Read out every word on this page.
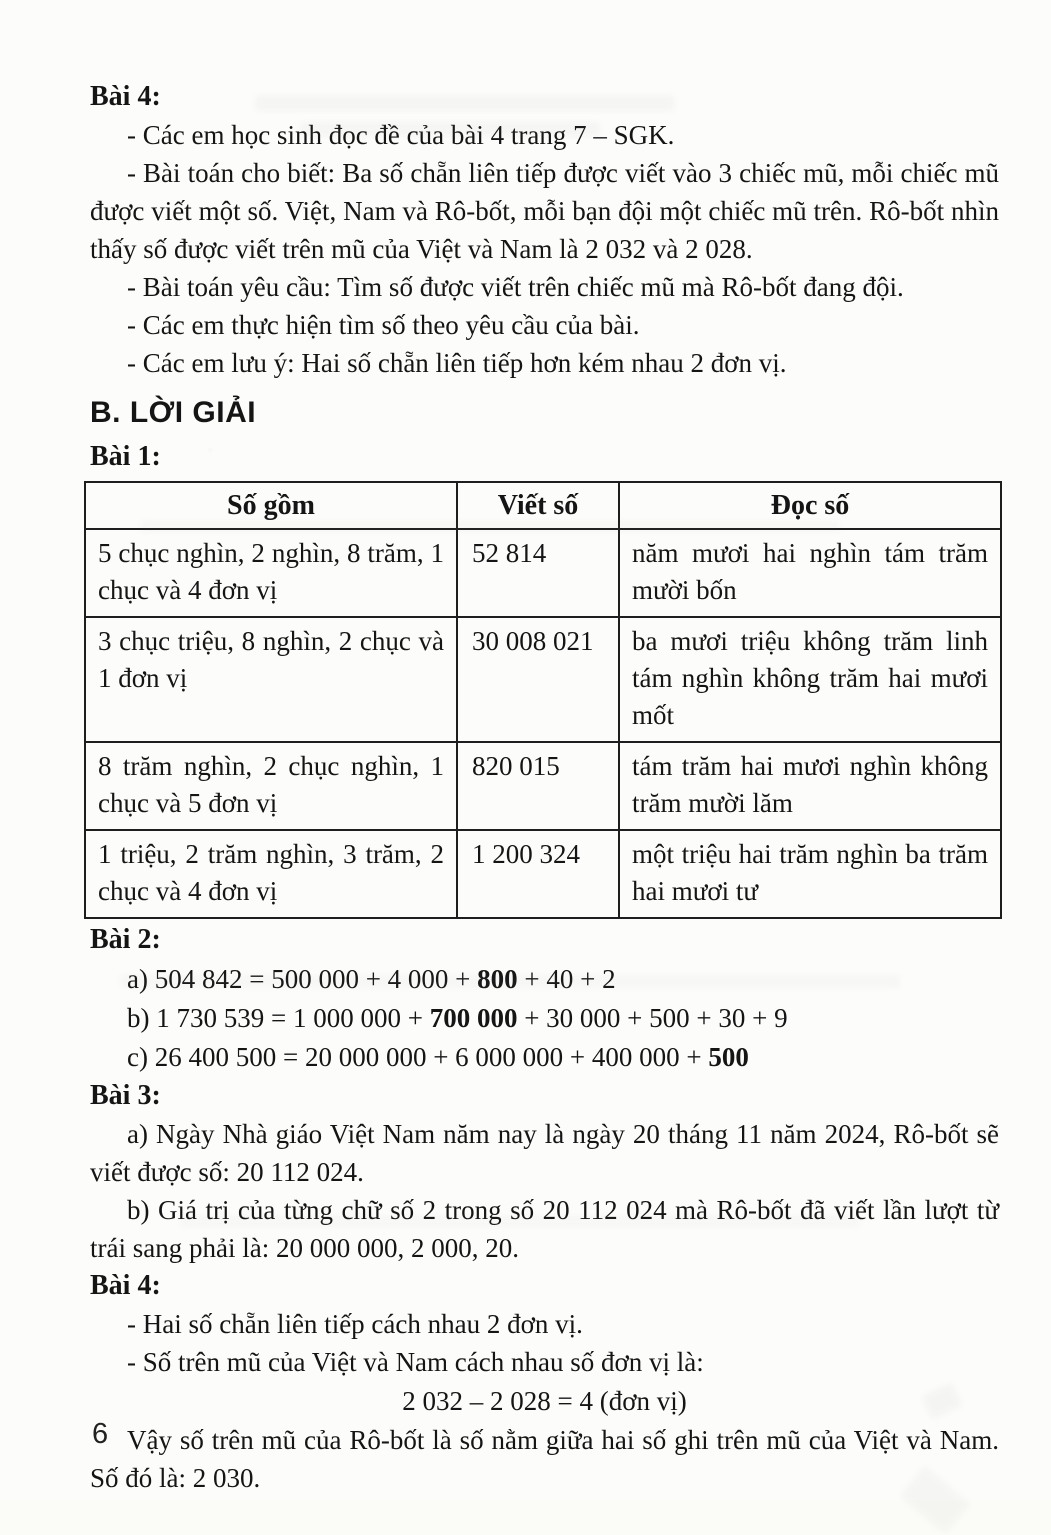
Bài 4:

- Các em học sinh đọc đề của bài 4 trang 7 – SGK.

- Bài toán cho biết: Ba số chẵn liên tiếp được viết vào 3 chiếc mũ, mỗi chiếc mũ được viết một số. Việt, Nam và Rô-bốt, mỗi bạn đội một chiếc mũ trên. Rô-bốt nhìn thấy số được viết trên mũ của Việt và Nam là 2 032 và 2 028.

- Bài toán yêu cầu: Tìm số được viết trên chiếc mũ mà Rô-bốt đang đội.

- Các em thực hiện tìm số theo yêu cầu của bài.

- Các em lưu ý: Hai số chẵn liên tiếp hơn kém nhau 2 đơn vị.

B. LỜI GIẢI

Bài 1:

Số gồm	Viết số	Đọc số
5 chục nghìn, 2 nghìn, 8 trăm, 1 chục và 4 đơn vị	52 814	năm mươi hai nghìn tám trăm mười bốn
3 chục triệu, 8 nghìn, 2 chục và 1 đơn vị	30 008 021	ba mươi triệu không trăm linh tám nghìn không trăm hai mươi mốt
8 trăm nghìn, 2 chục nghìn, 1 chục và 5 đơn vị	820 015	tám trăm hai mươi nghìn không trăm mười lăm
1 triệu, 2 trăm nghìn, 3 trăm, 2 chục và 4 đơn vị	1 200 324	một triệu hai trăm nghìn ba trăm hai mươi tư

Bài 2:

a) 504 842 = 500 000 + 4 000 + 800 + 40 + 2

b) 1 730 539 = 1 000 000 + 700 000 + 30 000 + 500 + 30 + 9

c) 26 400 500 = 20 000 000 + 6 000 000 + 400 000 + 500

Bài 3:

a) Ngày Nhà giáo Việt Nam năm nay là ngày 20 tháng 11 năm 2024, Rô-bốt sẽ viết được số: 20 112 024.

b) Giá trị của từng chữ số 2 trong số 20 112 024 mà Rô-bốt đã viết lần lượt từ trái sang phải là: 20 000 000, 2 000, 20.

Bài 4:

- Hai số chẵn liên tiếp cách nhau 2 đơn vị.

- Số trên mũ của Việt và Nam cách nhau số đơn vị là:

2 032 – 2 028 = 4 (đơn vị)

Vậy số trên mũ của Rô-bốt là số nằm giữa hai số ghi trên mũ của Việt và Nam. Số đó là: 2 030.

6
